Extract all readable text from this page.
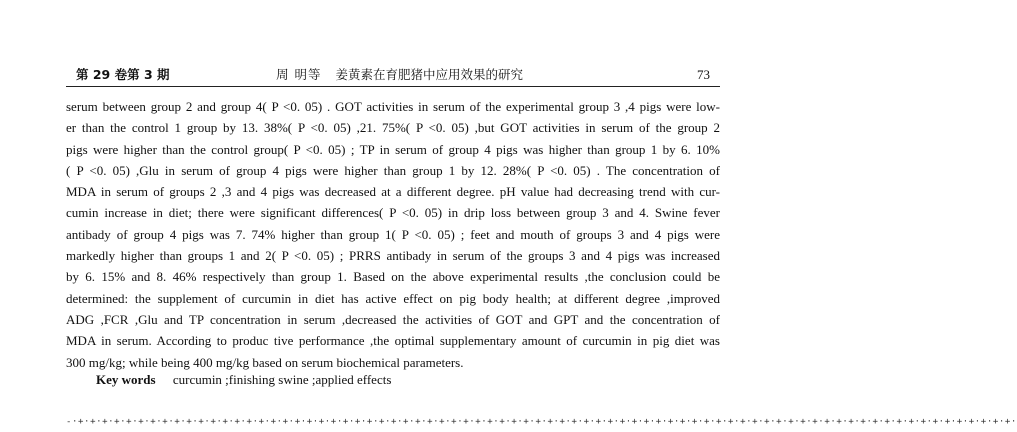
第 29 卷第 3 期	周 明等 姜黄素在育肥猪中应用效果的研究	73
serum between group 2 and group 4( P <0. 05) . GOT activities in serum of the experimental group 3 ,4 pigs were low-
er than the control 1 group by 13. 38%( P <0. 05) ,21. 75%( P <0. 05) ,but GOT activities in serum of the group 2
pigs were higher than the control group( P <0. 05) ; TP in serum of group 4 pigs was higher than group 1 by 6. 10%
( P <0. 05) ,Glu in serum of group 4 pigs were higher than group 1 by 12. 28%( P <0. 05) . The concentration of
MDA in serum of groups 2 ,3 and 4 pigs was decreased at a different degree. pH value had decreasing trend with cur-
cumin increase in diet; there were significant differences( P <0. 05) in drip loss between group 3 and 4. Swine fever
antibady of group 4 pigs was 7. 74% higher than group 1( P <0. 05) ; feet and mouth of groups 3 and 4 pigs were
markedly higher than groups 1 and 2( P <0. 05) ; PRRS antibady in serum of the groups 3 and 4 pigs was increased
by 6. 15% and 8. 46% respectively than group 1. Based on the above experimental results ,the conclusion could be
determined: the supplement of curcumin in diet has active effect on pig body health; at different degree ,improved
ADG ,FCR ,Glu and TP concentration in serum ,decreased the activities of GOT and GPT and the concentration of
MDA in serum. According to produc tive performance ,the optimal supplementary amount of curcumin in pig diet was
300 mg/kg; while being 400 mg/kg based on serum biochemical parameters.
Key words curcumin ;finishing swine ;applied effects
-·+·+·+·+·+·+·+·+·+·+·+·+·+·+·+·+·+·+·+·+·+·+·+·+·+·+·+·+·+·+·+·+·+·+·+·+·+·+·+·+·+·+·+·+·+·+·+·+·+·+·+·+·+·+·+·+·+·+·+·+·+·+·+·+·+·+·+·+·+·+·+·+·+·+·+·+·+·+·
